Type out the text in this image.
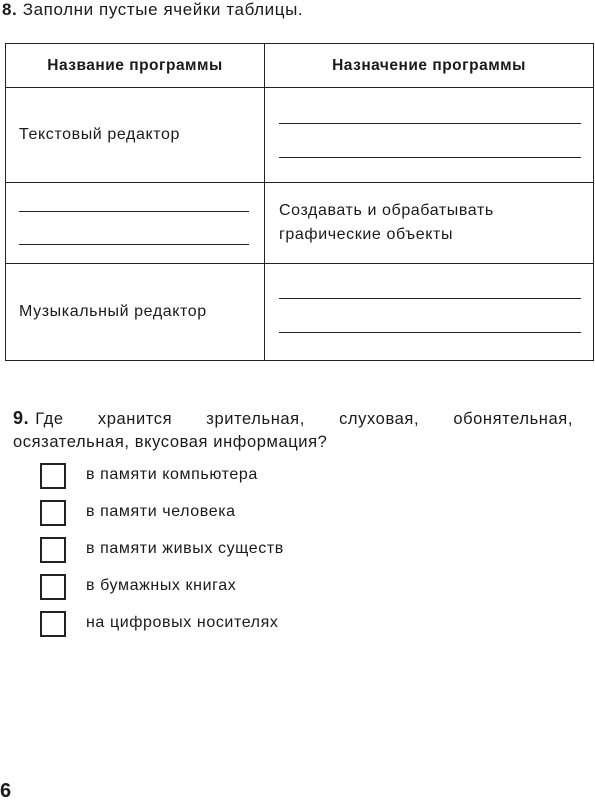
8. Заполни пустые ячейки таблицы.
Название программы	Назначение программы
Текстовый редактор	

	Создавать и обрабатывать
графические объекты

Музыкальный редактор	
9. Где хранится зрительная, слуховая, обонятельная, осязательная, вкусовая информация?
в памяти компьютера
в памяти человека
в памяти живых существ
в бумажных книгах
на цифровых носителях
6
